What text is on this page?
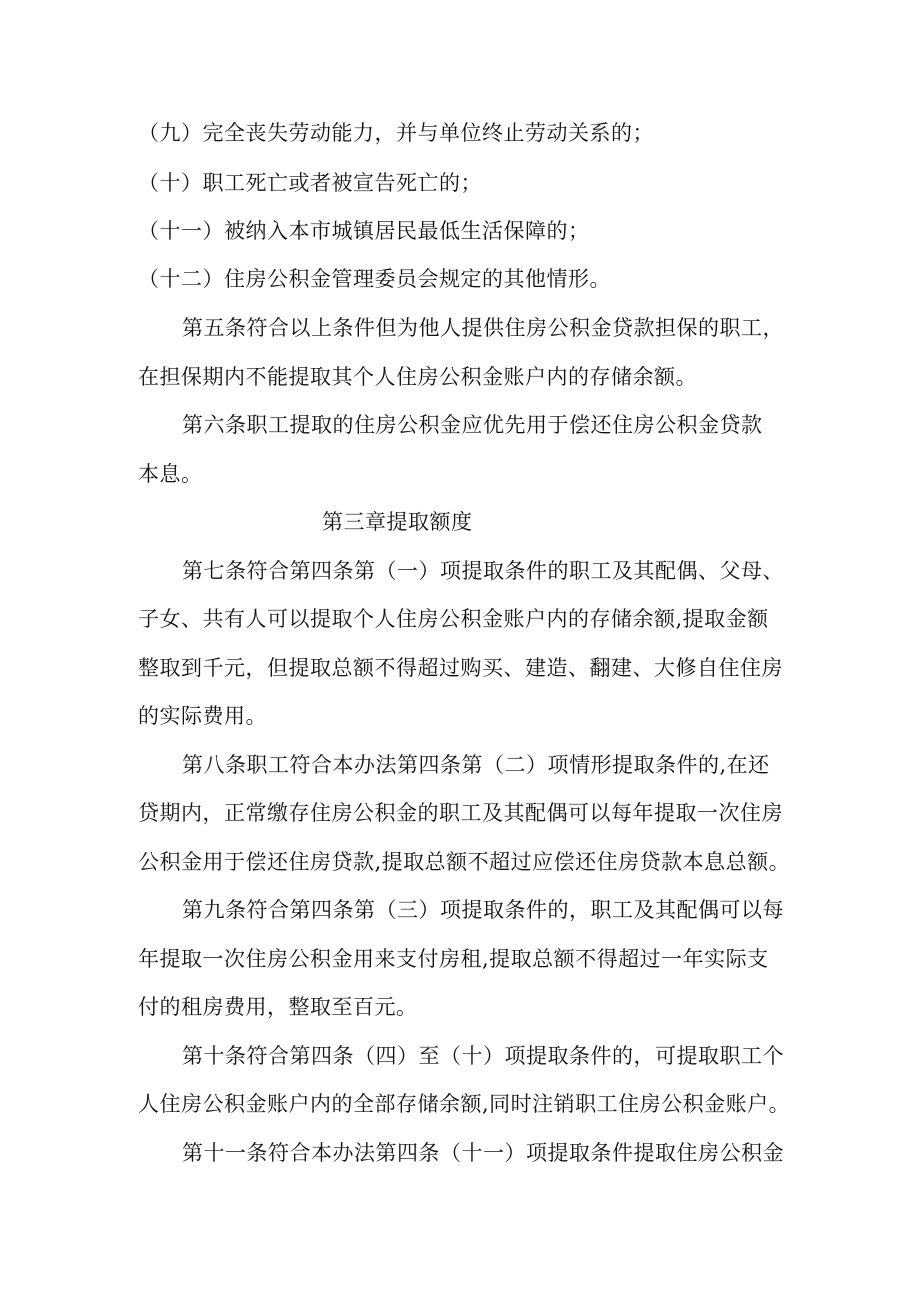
（九）完全丧失劳动能力，并与单位终止劳动关系的；
（十）职工死亡或者被宣告死亡的；
（十一）被纳入本市城镇居民最低生活保障的；
（十二）住房公积金管理委员会规定的其他情形。
第五条符合以上条件但为他人提供住房公积金贷款担保的职工，
在担保期内不能提取其个人住房公积金账户内的存储余额。
第六条职工提取的住房公积金应优先用于偿还住房公积金贷款
本息。
第三章提取额度
第七条符合第四条第（一）项提取条件的职工及其配偶、父母、
子女、共有人可以提取个人住房公积金账户内的存储余额,提取金额
整取到千元，但提取总额不得超过购买、建造、翻建、大修自住住房
的实际费用。
第八条职工符合本办法第四条第（二）项情形提取条件的,在还
贷期内，正常缴存住房公积金的职工及其配偶可以每年提取一次住房
公积金用于偿还住房贷款,提取总额不超过应偿还住房贷款本息总额。
第九条符合第四条第（三）项提取条件的，职工及其配偶可以每
年提取一次住房公积金用来支付房租,提取总额不得超过一年实际支
付的租房费用，整取至百元。
第十条符合第四条（四）至（十）项提取条件的，可提取职工个
人住房公积金账户内的全部存储余额,同时注销职工住房公积金账户。
第十一条符合本办法第四条（十一）项提取条件提取住房公积金
